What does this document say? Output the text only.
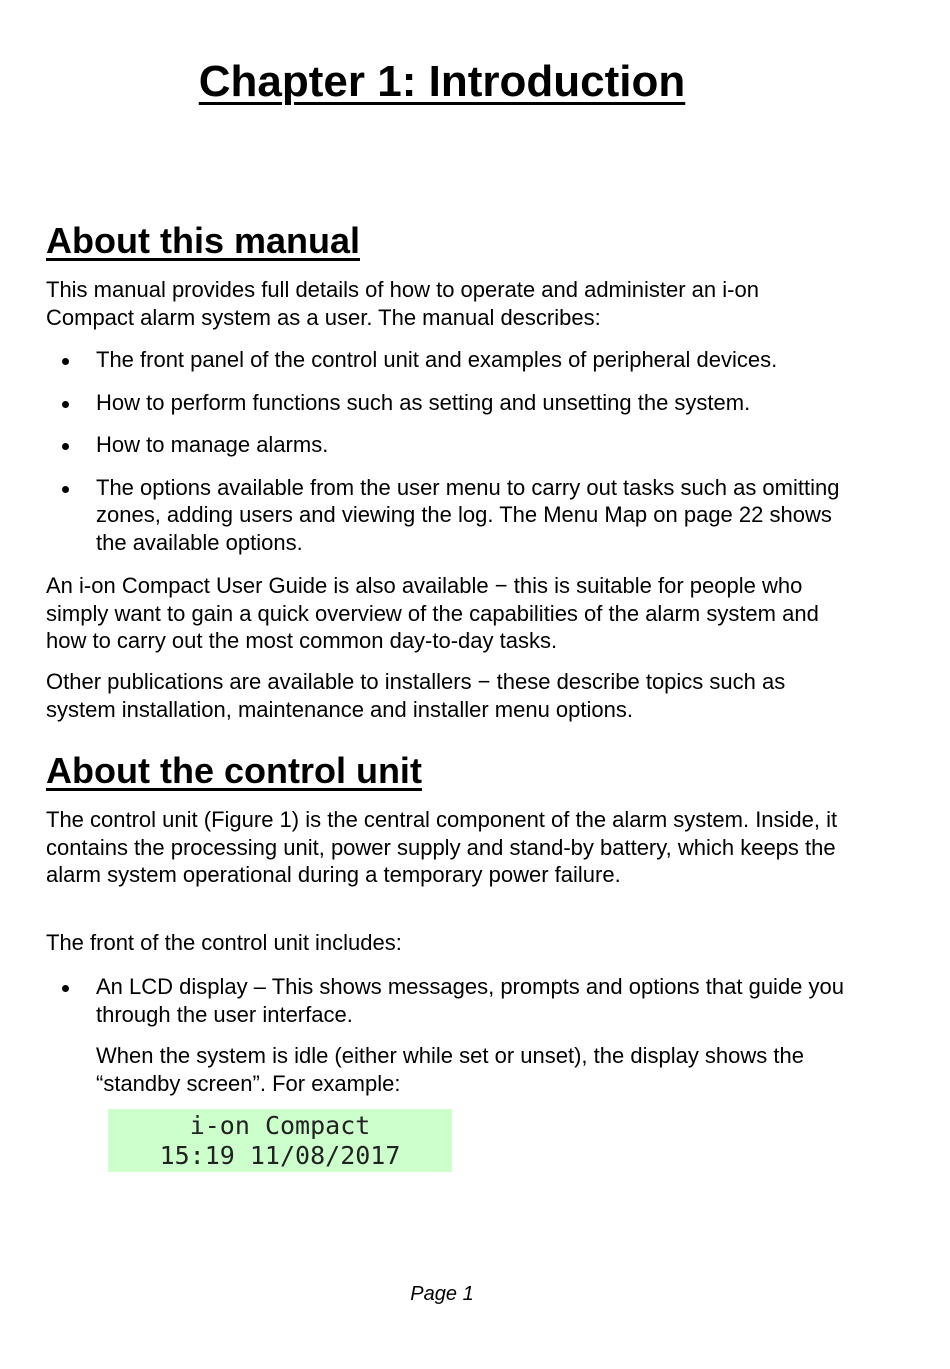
Chapter 1: Introduction
About this manual

This manual provides full details of how to operate and administer an i-on Compact alarm system as a user. The manual describes:

The front panel of the control unit and examples of peripheral devices.
How to perform functions such as setting and unsetting the system.
How to manage alarms.
The options available from the user menu to carry out tasks such as omitting zones, adding users and viewing the log. The Menu Map on page 22 shows the available options.

An i-on Compact User Guide is also available − this is suitable for people who simply want to gain a quick overview of the capabilities of the alarm system and how to carry out the most common day-to-day tasks.

Other publications are available to installers − these describe topics such as system installation, maintenance and installer menu options.

About the control unit

The control unit (Figure 1) is the central component of the alarm system. Inside, it contains the processing unit, power supply and stand-by battery, which keeps the alarm system operational during a temporary power failure.

The front of the control unit includes:

An LCD display – This shows messages, prompts and options that guide you through the user interface.

When the system is idle (either while set or unset), the display shows the “standby screen”. For example:

i-on Compact
15:19 11/08/2017

Page 1
